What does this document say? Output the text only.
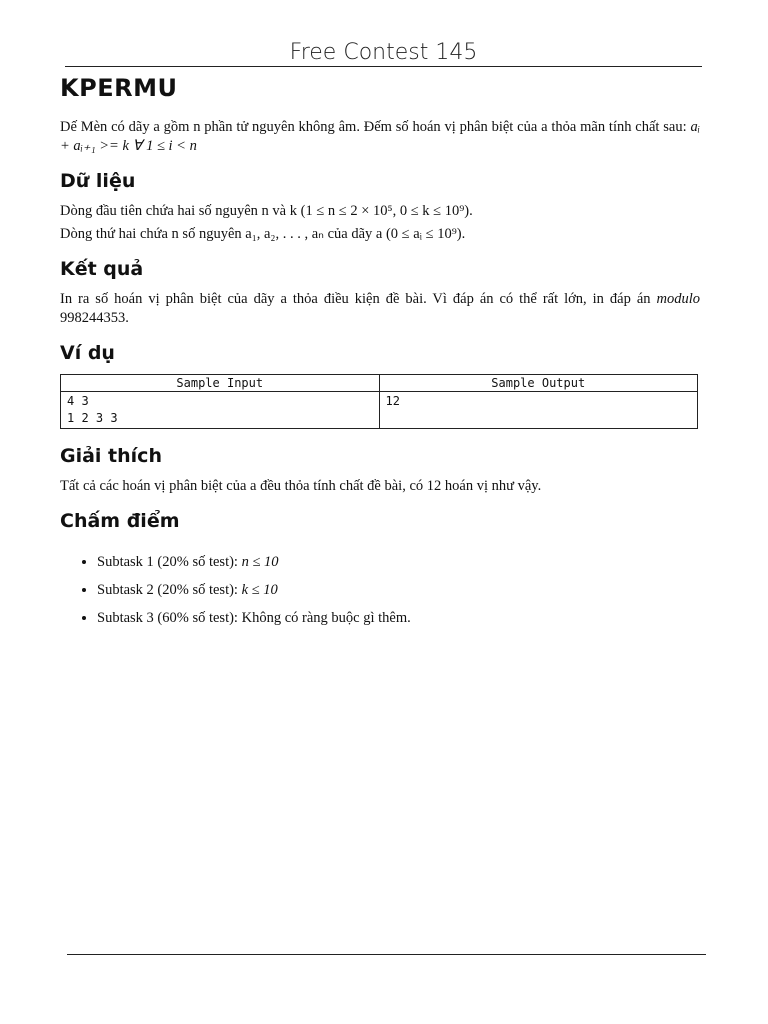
Free Contest 145
KPERMU

Dế Mèn có dãy a gồm n phần tử nguyên không âm. Đếm số hoán vị phân biệt của a thỏa mãn tính chất sau: aᵢ + aᵢ₊₁ >= k ∀ 1 ≤ i < n

Dữ liệu

Dòng đầu tiên chứa hai số nguyên n và k (1 ≤ n ≤ 2 × 10⁵, 0 ≤ k ≤ 10⁹).

Dòng thứ hai chứa n số nguyên a₁, a₂, . . . , aₙ của dãy a (0 ≤ aᵢ ≤ 10⁹).

Kết quả

In ra số hoán vị phân biệt của dãy a thỏa điều kiện đề bài. Vì đáp án có thể rất lớn, in đáp án modulo 998244353.

Ví dụ
Sample Input	Sample Output
4 3
1 2 3 3	12
Giải thích

Tất cả các hoán vị phân biệt của a đều thỏa tính chất đề bài, có 12 hoán vị như vậy.

Chấm điểm
• Subtask 1 (20% số test): n ≤ 10
• Subtask 2 (20% số test): k ≤ 10
• Subtask 3 (60% số test): Không có ràng buộc gì thêm.
